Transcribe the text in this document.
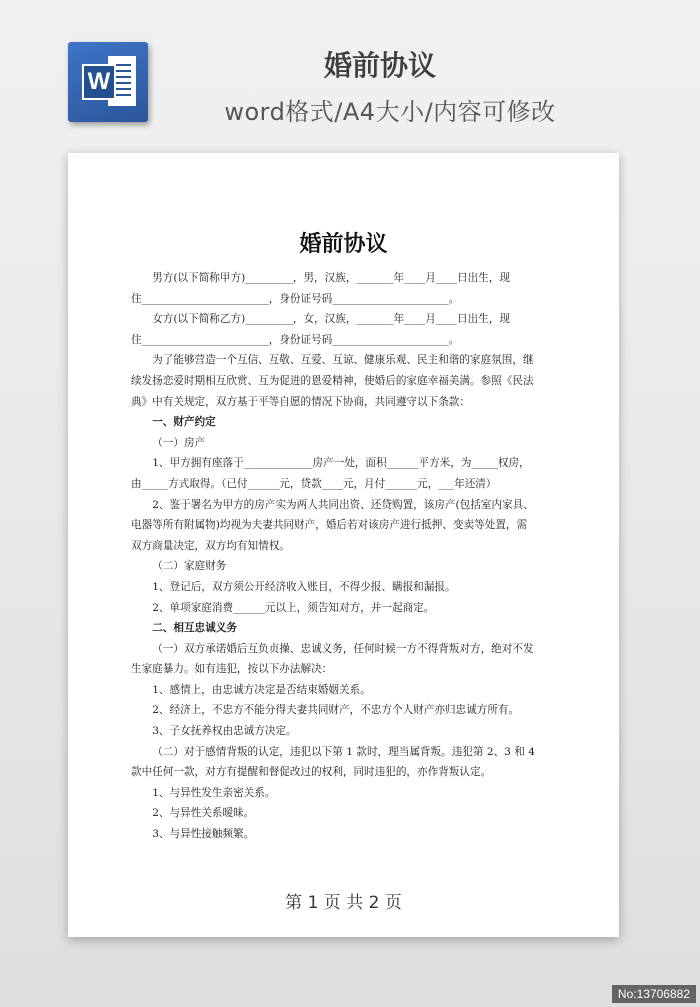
W	婚前协议
word格式/A4大小/内容可修改
婚前协议

男方(以下简称甲方)_________，男，汉族，_______年____月____日出生，现

住________________________，身份证号码______________________。

女方(以下简称乙方)_________，女，汉族，_______年____月____日出生，现

住________________________，身份证号码______________________。

为了能够营造一个互信、互敬、互爱、互谅、健康乐观、民主和谐的家庭氛围，继

续发扬恋爱时期相互欣赏、互为促进的恩爱精神，使婚后的家庭幸福美满。参照《民法

典》中有关规定，双方基于平等自愿的情况下协商，共同遵守以下条款：

一、财产约定

（一）房产

1、甲方拥有座落于_____________房产一处，面积______平方米，为_____权房，

由_____方式取得。（已付______元，贷款____元，月付______元，___年还清）

2、鉴于署名为甲方的房产实为两人共同出资、还贷购置，该房产(包括室内家具、

电器等所有附属物)均视为夫妻共同财产，婚后若对该房产进行抵押、变卖等处置，需

双方商量决定，双方均有知情权。

（二）家庭财务

1、登记后，双方须公开经济收入账目，不得少报、瞒报和漏报。

2、单项家庭消费______元以上，须告知对方，并一起商定。

二、相互忠诚义务

（一）双方承诺婚后互负贞操、忠诚义务，任何时候一方不得背叛对方，绝对不发

生家庭暴力。如有违犯，按以下办法解决：

1、感情上，由忠诚方决定是否结束婚姻关系。

2、经济上，不忠方不能分得夫妻共同财产，不忠方个人财产亦归忠诚方所有。

3、子女抚养权由忠诚方决定。

（二）对于感情背叛的认定，违犯以下第 1 款时，理当属背叛。违犯第 2、3 和 4

款中任何一款，对方有提醒和督促改过的权利，同时违犯的，亦作背叛认定。

1、与异性发生亲密关系。

2、与异性关系暧昧。

3、与异性接触频繁。

第 1 页 共 2 页
No:13706882
